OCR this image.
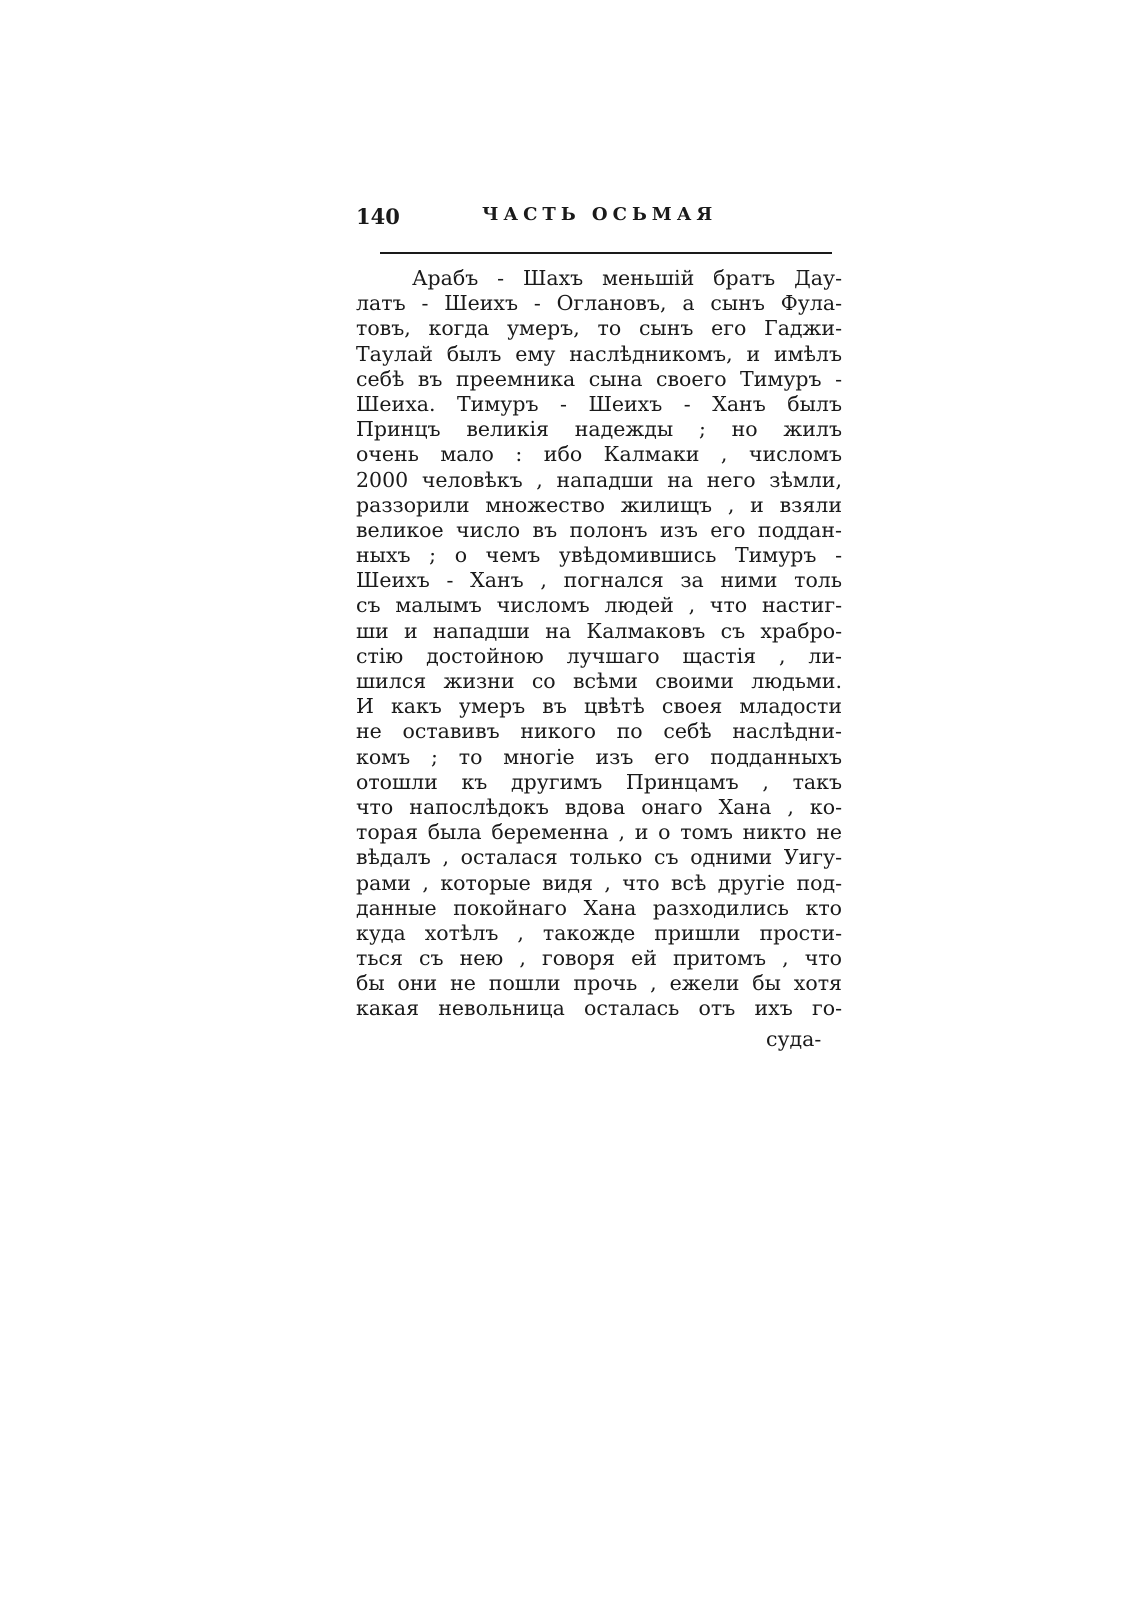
140	ЧАСТЬ ОСЬМАЯ
Арабъ - Шахъ меньшій братъ Дау-
латъ - Шеихъ - Оглановъ, а сынъ Фула-
товъ, когда умеръ, то сынъ его Гаджи-
Таулай былъ ему наслѣдникомъ, и имѣлъ
себѣ въ преемника сына своего Тимуръ -
Шеиха. Тимуръ - Шеихъ - Ханъ былъ
Принцъ великія надежды ; но жилъ
очень мало : ибо Калмаки , числомъ
2000 человѣкъ , нападши на него зѣмли,
раззорили множество жилищъ , и взяли
великое число въ полонъ изъ его поддан-
ныхъ ; о чемъ увѣдомившись Тимуръ -
Шеихъ - Ханъ , погнался за ними толь
съ малымъ числомъ людей , что настиг-
ши и нападши на Калмаковъ съ храбро-
стію достойною лучшаго щастія , ли-
шился жизни со всѣми своими людьми.
И какъ умеръ въ цвѣтѣ своея младости
не оставивъ никого по себѣ наслѣдни-
комъ ; то многіе изъ его подданныхъ
отошли къ другимъ Принцамъ , такъ
что напослѣдокъ вдова онаго Хана , ко-
торая была беременна , и о томъ никто не
вѣдалъ , осталася только съ одними Уигу-
рами , которые видя , что всѣ другіе под-
данные покойнаго Хана разходились кто
куда хотѣлъ , такожде пришли прости-
ться съ нею , говоря ей притомъ , что
бы они не пошли прочь , ежели бы хотя
какая невольница осталась отъ ихъ го-
суда-
